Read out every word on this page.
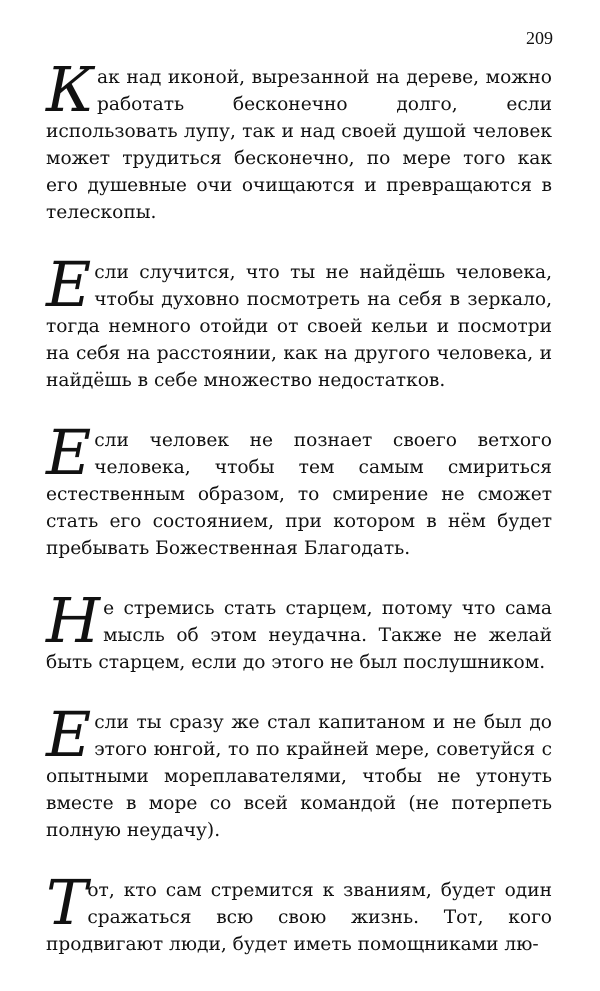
209

Как над иконой, вырезанной на дереве, можно работать бесконечно долго, если использовать лупу, так и над своей душой человек может трудиться бесконечно, по мере того как его душевные очи очищаются и превращаются в телескопы.

Если случится, что ты не найдёшь человека, чтобы духовно посмотреть на себя в зеркало, тогда немного отойди от своей кельи и посмотри на себя на расстоянии, как на другого человека, и найдёшь в себе множество недостатков.

Если человек не познает своего ветхого человека, чтобы тем самым смириться естественным образом, то смирение не сможет стать его состоянием, при котором в нём будет пребывать Божественная Благодать.

Не стремись стать старцем, потому что сама мысль об этом неудачна. Также не желай быть старцем, если до этого не был послушником.

Если ты сразу же стал капитаном и не был до этого юнгой, то по крайней мере, советуйся с опытными мореплавателями, чтобы не утонуть вместе в море со всей командой (не потерпеть полную неудачу).

Тот, кто сам стремится к званиям, будет один сражаться всю свою жизнь. Тот, кого продвигают люди, будет иметь помощниками лю-
